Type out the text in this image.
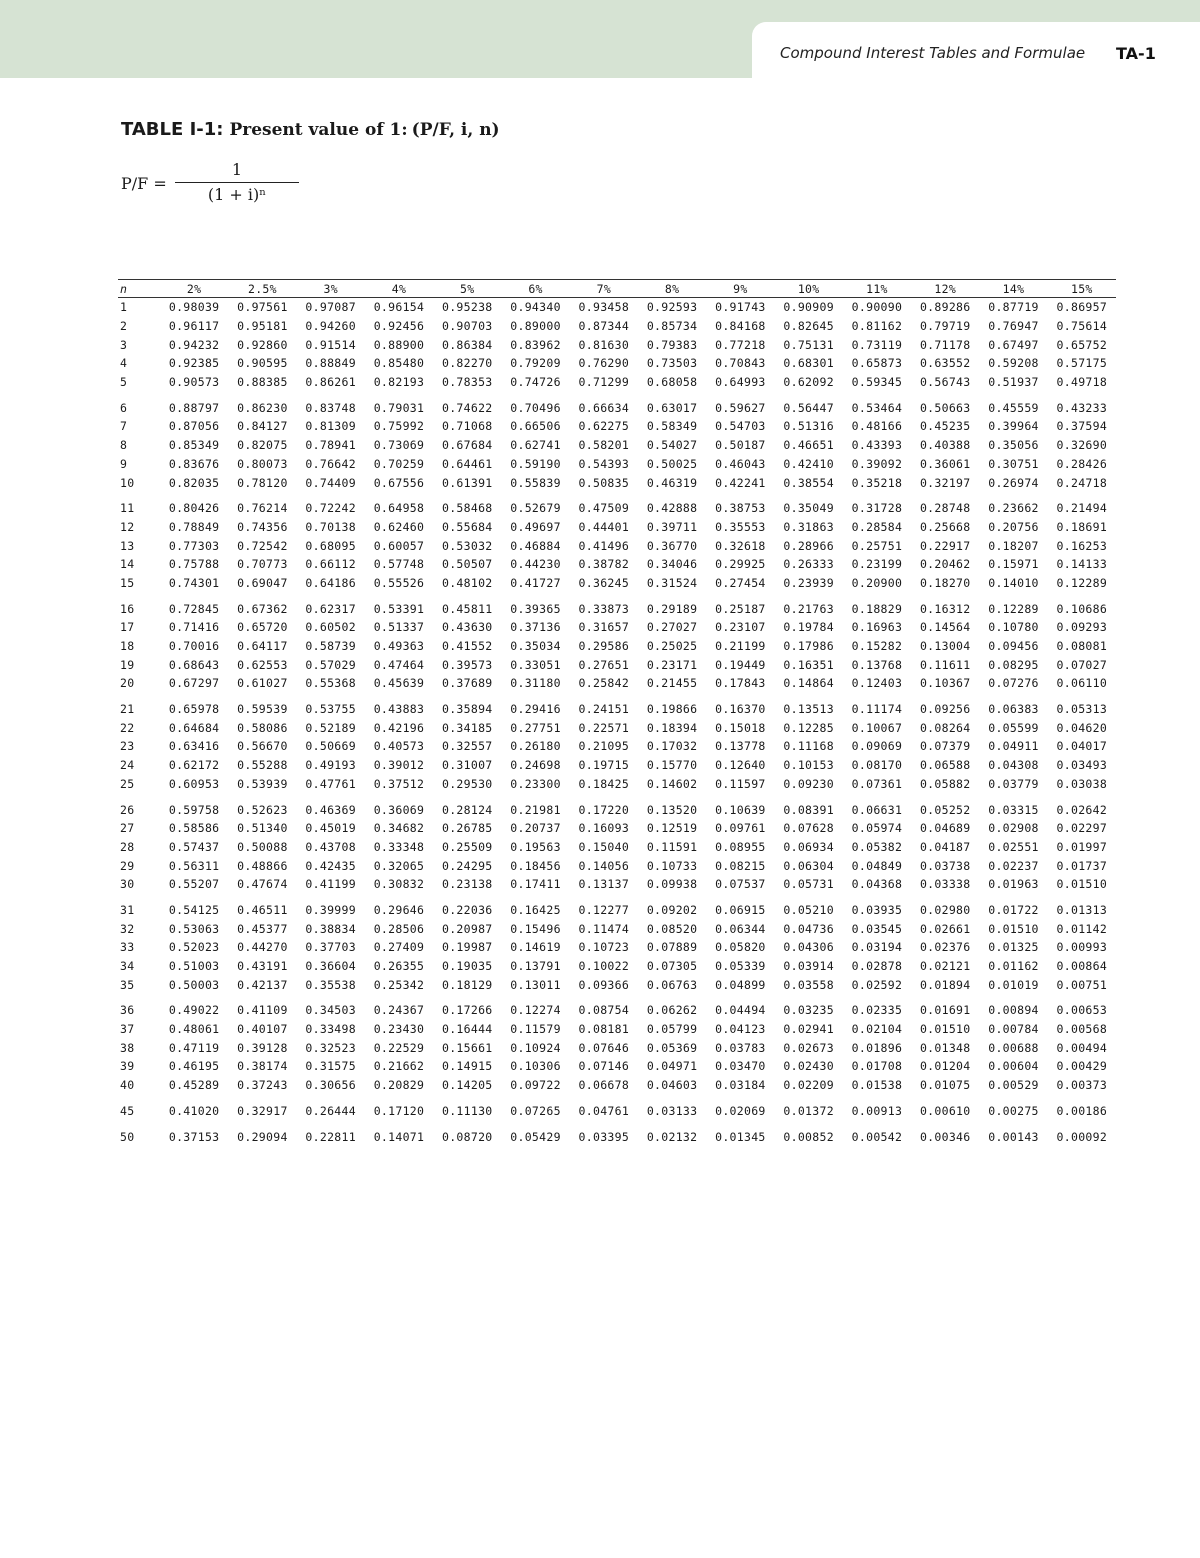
Compound Interest Tables and Formulae TA-1
TABLE I-1: Present value of 1: (P/F, i, n)
P/F =
1
(1 + i)ⁿ
n	2%	2.5%	3%	4%	5%	6%	7%	8%	9%	10%	11%	12%	14%	15%
1	0.98039	0.97561	0.97087	0.96154	0.95238	0.94340	0.93458	0.92593	0.91743	0.90909	0.90090	0.89286	0.87719	0.86957
2	0.96117	0.95181	0.94260	0.92456	0.90703	0.89000	0.87344	0.85734	0.84168	0.82645	0.81162	0.79719	0.76947	0.75614
3	0.94232	0.92860	0.91514	0.88900	0.86384	0.83962	0.81630	0.79383	0.77218	0.75131	0.73119	0.71178	0.67497	0.65752
4	0.92385	0.90595	0.88849	0.85480	0.82270	0.79209	0.76290	0.73503	0.70843	0.68301	0.65873	0.63552	0.59208	0.57175
5	0.90573	0.88385	0.86261	0.82193	0.78353	0.74726	0.71299	0.68058	0.64993	0.62092	0.59345	0.56743	0.51937	0.49718
6	0.88797	0.86230	0.83748	0.79031	0.74622	0.70496	0.66634	0.63017	0.59627	0.56447	0.53464	0.50663	0.45559	0.43233
7	0.87056	0.84127	0.81309	0.75992	0.71068	0.66506	0.62275	0.58349	0.54703	0.51316	0.48166	0.45235	0.39964	0.37594
8	0.85349	0.82075	0.78941	0.73069	0.67684	0.62741	0.58201	0.54027	0.50187	0.46651	0.43393	0.40388	0.35056	0.32690
9	0.83676	0.80073	0.76642	0.70259	0.64461	0.59190	0.54393	0.50025	0.46043	0.42410	0.39092	0.36061	0.30751	0.28426
10	0.82035	0.78120	0.74409	0.67556	0.61391	0.55839	0.50835	0.46319	0.42241	0.38554	0.35218	0.32197	0.26974	0.24718
11	0.80426	0.76214	0.72242	0.64958	0.58468	0.52679	0.47509	0.42888	0.38753	0.35049	0.31728	0.28748	0.23662	0.21494
12	0.78849	0.74356	0.70138	0.62460	0.55684	0.49697	0.44401	0.39711	0.35553	0.31863	0.28584	0.25668	0.20756	0.18691
13	0.77303	0.72542	0.68095	0.60057	0.53032	0.46884	0.41496	0.36770	0.32618	0.28966	0.25751	0.22917	0.18207	0.16253
14	0.75788	0.70773	0.66112	0.57748	0.50507	0.44230	0.38782	0.34046	0.29925	0.26333	0.23199	0.20462	0.15971	0.14133
15	0.74301	0.69047	0.64186	0.55526	0.48102	0.41727	0.36245	0.31524	0.27454	0.23939	0.20900	0.18270	0.14010	0.12289
16	0.72845	0.67362	0.62317	0.53391	0.45811	0.39365	0.33873	0.29189	0.25187	0.21763	0.18829	0.16312	0.12289	0.10686
17	0.71416	0.65720	0.60502	0.51337	0.43630	0.37136	0.31657	0.27027	0.23107	0.19784	0.16963	0.14564	0.10780	0.09293
18	0.70016	0.64117	0.58739	0.49363	0.41552	0.35034	0.29586	0.25025	0.21199	0.17986	0.15282	0.13004	0.09456	0.08081
19	0.68643	0.62553	0.57029	0.47464	0.39573	0.33051	0.27651	0.23171	0.19449	0.16351	0.13768	0.11611	0.08295	0.07027
20	0.67297	0.61027	0.55368	0.45639	0.37689	0.31180	0.25842	0.21455	0.17843	0.14864	0.12403	0.10367	0.07276	0.06110
21	0.65978	0.59539	0.53755	0.43883	0.35894	0.29416	0.24151	0.19866	0.16370	0.13513	0.11174	0.09256	0.06383	0.05313
22	0.64684	0.58086	0.52189	0.42196	0.34185	0.27751	0.22571	0.18394	0.15018	0.12285	0.10067	0.08264	0.05599	0.04620
23	0.63416	0.56670	0.50669	0.40573	0.32557	0.26180	0.21095	0.17032	0.13778	0.11168	0.09069	0.07379	0.04911	0.04017
24	0.62172	0.55288	0.49193	0.39012	0.31007	0.24698	0.19715	0.15770	0.12640	0.10153	0.08170	0.06588	0.04308	0.03493
25	0.60953	0.53939	0.47761	0.37512	0.29530	0.23300	0.18425	0.14602	0.11597	0.09230	0.07361	0.05882	0.03779	0.03038
26	0.59758	0.52623	0.46369	0.36069	0.28124	0.21981	0.17220	0.13520	0.10639	0.08391	0.06631	0.05252	0.03315	0.02642
27	0.58586	0.51340	0.45019	0.34682	0.26785	0.20737	0.16093	0.12519	0.09761	0.07628	0.05974	0.04689	0.02908	0.02297
28	0.57437	0.50088	0.43708	0.33348	0.25509	0.19563	0.15040	0.11591	0.08955	0.06934	0.05382	0.04187	0.02551	0.01997
29	0.56311	0.48866	0.42435	0.32065	0.24295	0.18456	0.14056	0.10733	0.08215	0.06304	0.04849	0.03738	0.02237	0.01737
30	0.55207	0.47674	0.41199	0.30832	0.23138	0.17411	0.13137	0.09938	0.07537	0.05731	0.04368	0.03338	0.01963	0.01510
31	0.54125	0.46511	0.39999	0.29646	0.22036	0.16425	0.12277	0.09202	0.06915	0.05210	0.03935	0.02980	0.01722	0.01313
32	0.53063	0.45377	0.38834	0.28506	0.20987	0.15496	0.11474	0.08520	0.06344	0.04736	0.03545	0.02661	0.01510	0.01142
33	0.52023	0.44270	0.37703	0.27409	0.19987	0.14619	0.10723	0.07889	0.05820	0.04306	0.03194	0.02376	0.01325	0.00993
34	0.51003	0.43191	0.36604	0.26355	0.19035	0.13791	0.10022	0.07305	0.05339	0.03914	0.02878	0.02121	0.01162	0.00864
35	0.50003	0.42137	0.35538	0.25342	0.18129	0.13011	0.09366	0.06763	0.04899	0.03558	0.02592	0.01894	0.01019	0.00751
36	0.49022	0.41109	0.34503	0.24367	0.17266	0.12274	0.08754	0.06262	0.04494	0.03235	0.02335	0.01691	0.00894	0.00653
37	0.48061	0.40107	0.33498	0.23430	0.16444	0.11579	0.08181	0.05799	0.04123	0.02941	0.02104	0.01510	0.00784	0.00568
38	0.47119	0.39128	0.32523	0.22529	0.15661	0.10924	0.07646	0.05369	0.03783	0.02673	0.01896	0.01348	0.00688	0.00494
39	0.46195	0.38174	0.31575	0.21662	0.14915	0.10306	0.07146	0.04971	0.03470	0.02430	0.01708	0.01204	0.00604	0.00429
40	0.45289	0.37243	0.30656	0.20829	0.14205	0.09722	0.06678	0.04603	0.03184	0.02209	0.01538	0.01075	0.00529	0.00373
45	0.41020	0.32917	0.26444	0.17120	0.11130	0.07265	0.04761	0.03133	0.02069	0.01372	0.00913	0.00610	0.00275	0.00186
50	0.37153	0.29094	0.22811	0.14071	0.08720	0.05429	0.03395	0.02132	0.01345	0.00852	0.00542	0.00346	0.00143	0.00092
